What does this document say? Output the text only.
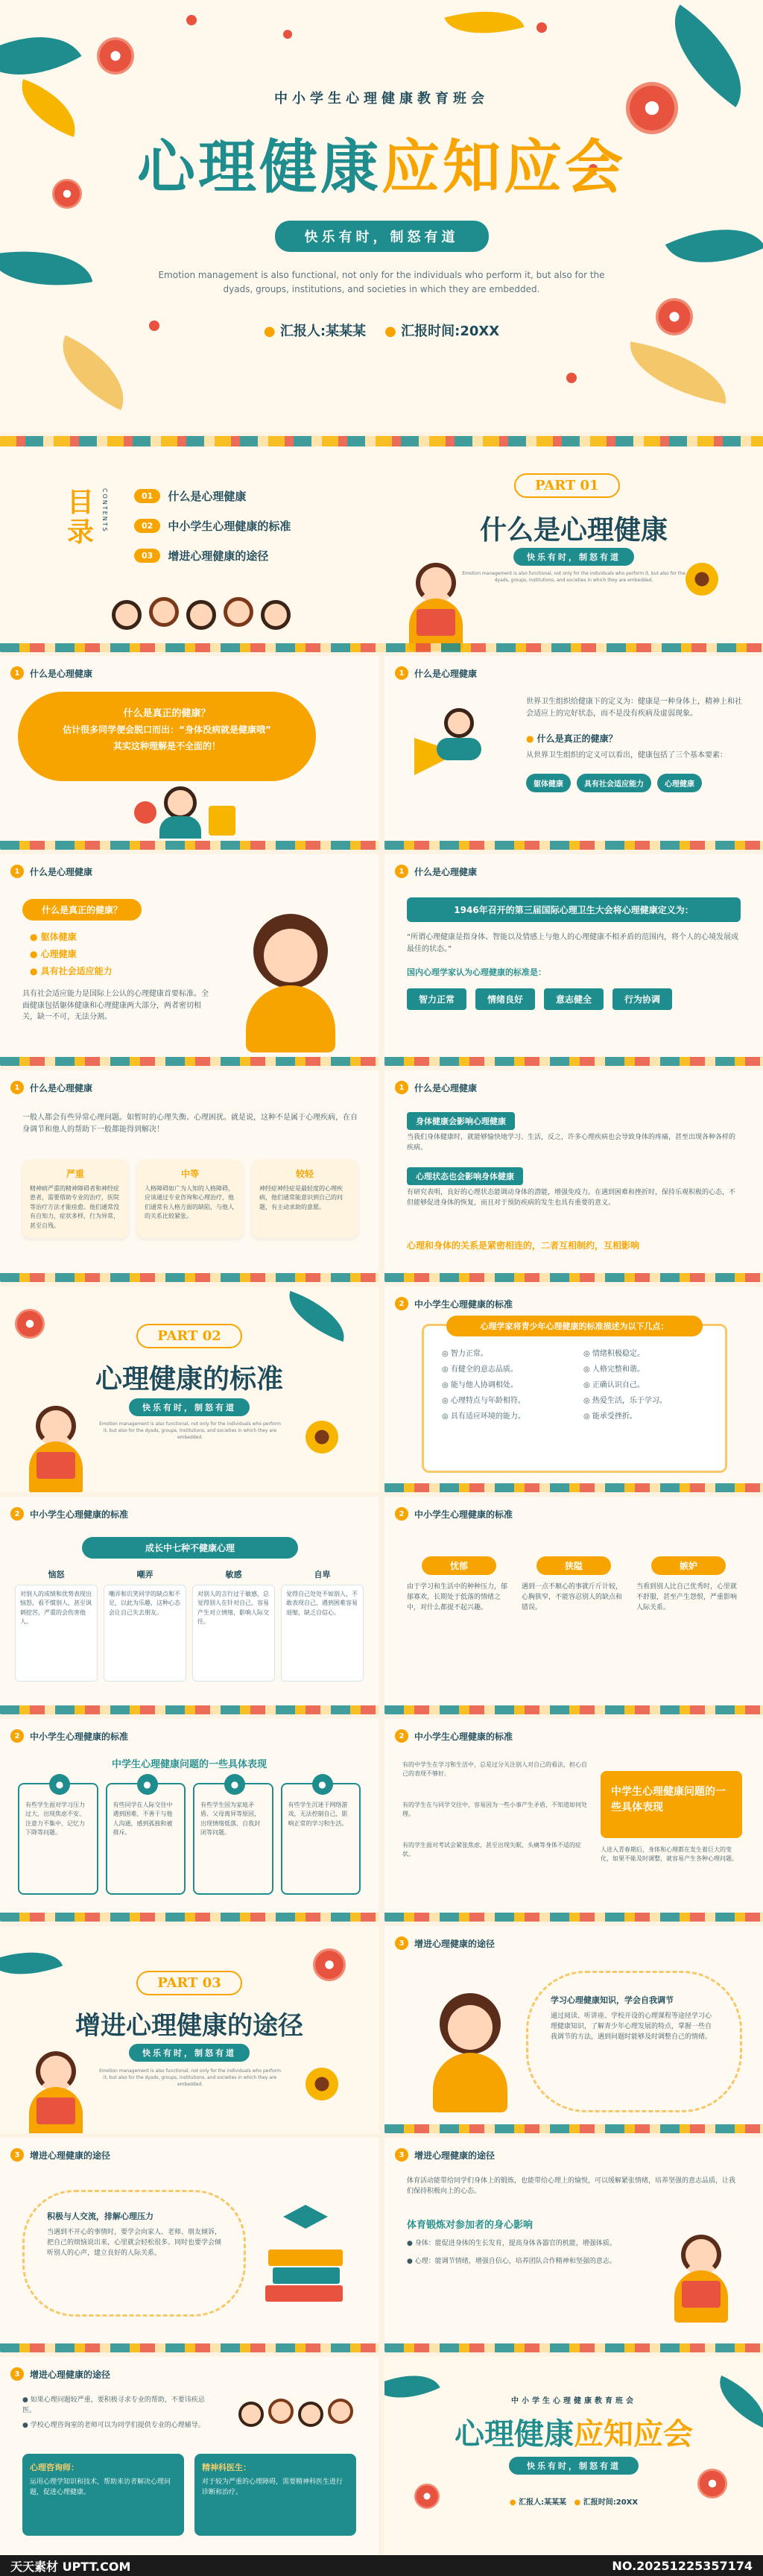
中小学生心理健康教育班会
心理健康应知应会
快乐有时，制怒有道
Emotion management is also functional, not only for the individuals who perform it, but also for the dyads, groups, institutions, and societies in which they are embedded.
● 汇报人:某某某 ● 汇报时间:20XX
目录	CONTENTS	01	什么是心理健康
02	中小学生心理健康的标准
03	增进心理健康的途径
PART 01
什么是心理健康
快乐有时，制怒有道
Emotion management is also functional, not only for the individuals who perform it, but also for the dyads, groups, institutions, and societies in which they are embedded.
1	什么是心理健康
什么是真正的健康？
估计很多同学便会脱口而出：“身体没病就是健康哦”
其实这种理解是不全面的！
1	什么是心理健康
世界卫生组织给健康下的定义为：健康是一种身体上，精神上和社会适应上的完好状态，而不是没有疾病及虚弱现象。
● 什么是真正的健康？
从世界卫生组织的定义可以看出，健康包括了三个基本要素：
躯体健康	具有社会适应能力	心理健康
1	什么是心理健康
什么是真正的健康？
● 躯体健康
● 心理健康
● 具有社会适应能力
具有社会适应能力是国际上公认的心理健康首要标准。全面健康包括躯体健康和心理健康两大部分，两者密切相关，缺一不可，无法分割。
1	什么是心理健康
1946年召开的第三届国际心理卫生大会将心理健康定义为：
“所谓心理健康是指身体、智能以及情感上与他人的心理健康不相矛盾的范围内，将个人的心境发展成最佳的状态。”
国内心理学家认为心理健康的标准是：
智力正常	情绪良好	意志健全	行为协调
1	什么是心理健康
一般人都会有些异常心理问题。如暂时的心理失衡、心理困扰。就是说，这种不是属于心理疾病，在自身调节和他人的帮助下一般都能得到解决！
严重
精神病严重的精神障碍者和神经症患者，需要借助专业的治疗，医院等治疗方法才能痊愈。他们通常没有自知力，症状多样，行为异常，甚至自残。
中等
人格障碍如广为人知的人格障碍，应该通过专业咨询和心理治疗，他们通常有人格方面的缺陷，与他人的关系比较紧张。
较轻
神经症神经症是最轻度的心理疾病，他们通常能意识到自己的问题，有主动求助的意愿。
1	什么是心理健康
身体健康会影响心理健康
当我们身体健康时，就能够愉快地学习、生活，反之，许多心理疾病也会导致身体的疼痛，甚至出现各种各样的疾病。
心理状态也会影响身体健康
有研究表明，良好的心理状态能调动身体的潜能，增强免疫力。在遇到困难和挫折时，保持乐观积极的心态，不但能够促进身体的恢复，而且对于预防疾病的发生也具有重要的意义。
心理和身体的关系是紧密相连的，二者互相制约，互相影响
PART 02
心理健康的标准
快乐有时，制怒有道
Emotion management is also functional, not only for the individuals who perform it, but also for the dyads, groups, institutions, and societies in which they are embedded.
2	中小学生心理健康的标准
心理学家将青少年心理健康的标准描述为以下几点：
◎ 智力正常。	◎ 情绪积极稳定。
◎ 有健全的意志品质。	◎ 人格完整和谐。
◎ 能与他人协调相处。	◎ 正确认识自己。
◎ 心理特点与年龄相符。	◎ 热爱生活，乐于学习。
◎ 具有适应环境的能力。	◎ 能承受挫折。
2	中小学生心理健康的标准
成长中七种不健康心理
恼怒
对别人的成绩和优势表现出恼怒，看不惯别人，甚至讽刺挖苦，严重的会伤害他人。
嘲弄
嘲弄和讥笑同学的缺点和不足，以此为乐趣，这种心态会让自己失去朋友。
敏感
对别人的言行过于敏感，总觉得别人在针对自己，容易产生对立情绪，影响人际交往。
自卑
觉得自己处处不如别人，不敢表现自己，遇到困难容易退缩，缺乏自信心。
2	中小学生心理健康的标准
忧郁
由于学习和生活中的种种压力，郁郁寡欢，长期处于低落的情绪之中，对什么都提不起兴趣。
狭隘
遇到一点不顺心的事就斤斤计较，心胸狭窄，不能容忍别人的缺点和错误。
嫉妒
当看到别人比自己优秀时，心里就不舒服，甚至产生怨恨，严重影响人际关系。
2	中小学生心理健康的标准
中学生心理健康问题的一些具体表现
●
有些学生面对学习压力过大，出现焦虑不安、注意力不集中、记忆力下降等问题。
●
有些同学在人际交往中遇到困难，不善于与他人沟通，感到孤独和被排斥。
●
有些学生因为家庭矛盾、父母离异等原因，出现情绪低落、自我封闭等问题。
●
有些学生沉迷于网络游戏，无法控制自己，影响正常的学习和生活。
2	中小学生心理健康的标准
有的中学生在学习和生活中，总是过分关注别人对自己的看法，担心自己的表现不够好。
有的学生在与同学交往中，容易因为一些小事产生矛盾，不知道如何处理。
有的学生面对考试会紧张焦虑，甚至出现失眠、头痛等身体不适的症状。
中学生心理健康问题的一些具体表现
人进入青春期后，身体和心理都在发生着巨大的变化，如果不能及时调整，就容易产生各种心理问题。
PART 03
增进心理健康的途径
快乐有时，制怒有道
Emotion management is also functional, not only for the individuals who perform it, but also for the dyads, groups, institutions, and societies in which they are embedded.
3	增进心理健康的途径
学习心理健康知识，学会自我调节
通过阅读、听讲座、学校开设的心理课程等途径学习心理健康知识，了解青少年心理发展的特点，掌握一些自我调节的方法，遇到问题时能够及时调整自己的情绪。
3	增进心理健康的途径
积极与人交流，排解心理压力
当遇到不开心的事情时，要学会向家人、老师、朋友倾诉，把自己的烦恼说出来，心里就会轻松很多。同时也要学会倾听别人的心声，建立良好的人际关系。
3	增进心理健康的途径
体育活动能带给同学们身体上的锻炼，也能带给心理上的愉悦，可以缓解紧张情绪，培养坚强的意志品质，让我们保持积极向上的心态。
体育锻炼对参加者的身心影响
● 身体：能促进身体的生长发育，提高身体各器官的机能，增强体质。
● 心理：能调节情绪，增强自信心，培养团队合作精神和坚强的意志。
3	增进心理健康的途径
● 如果心理问题较严重，要积极寻求专业的帮助，不要讳疾忌医。
● 学校心理咨询室的老师可以为同学们提供专业的心理辅导。
心理咨询师：
运用心理学知识和技术，帮助来访者解决心理问题，促进心理健康。
精神科医生：
对于较为严重的心理障碍，需要精神科医生进行诊断和治疗。
中小学生心理健康教育班会
心理健康应知应会
快乐有时，制怒有道
● 汇报人:某某某 ● 汇报时间:20XX
天天素材 UPTT.COM	NO.20251225357174
